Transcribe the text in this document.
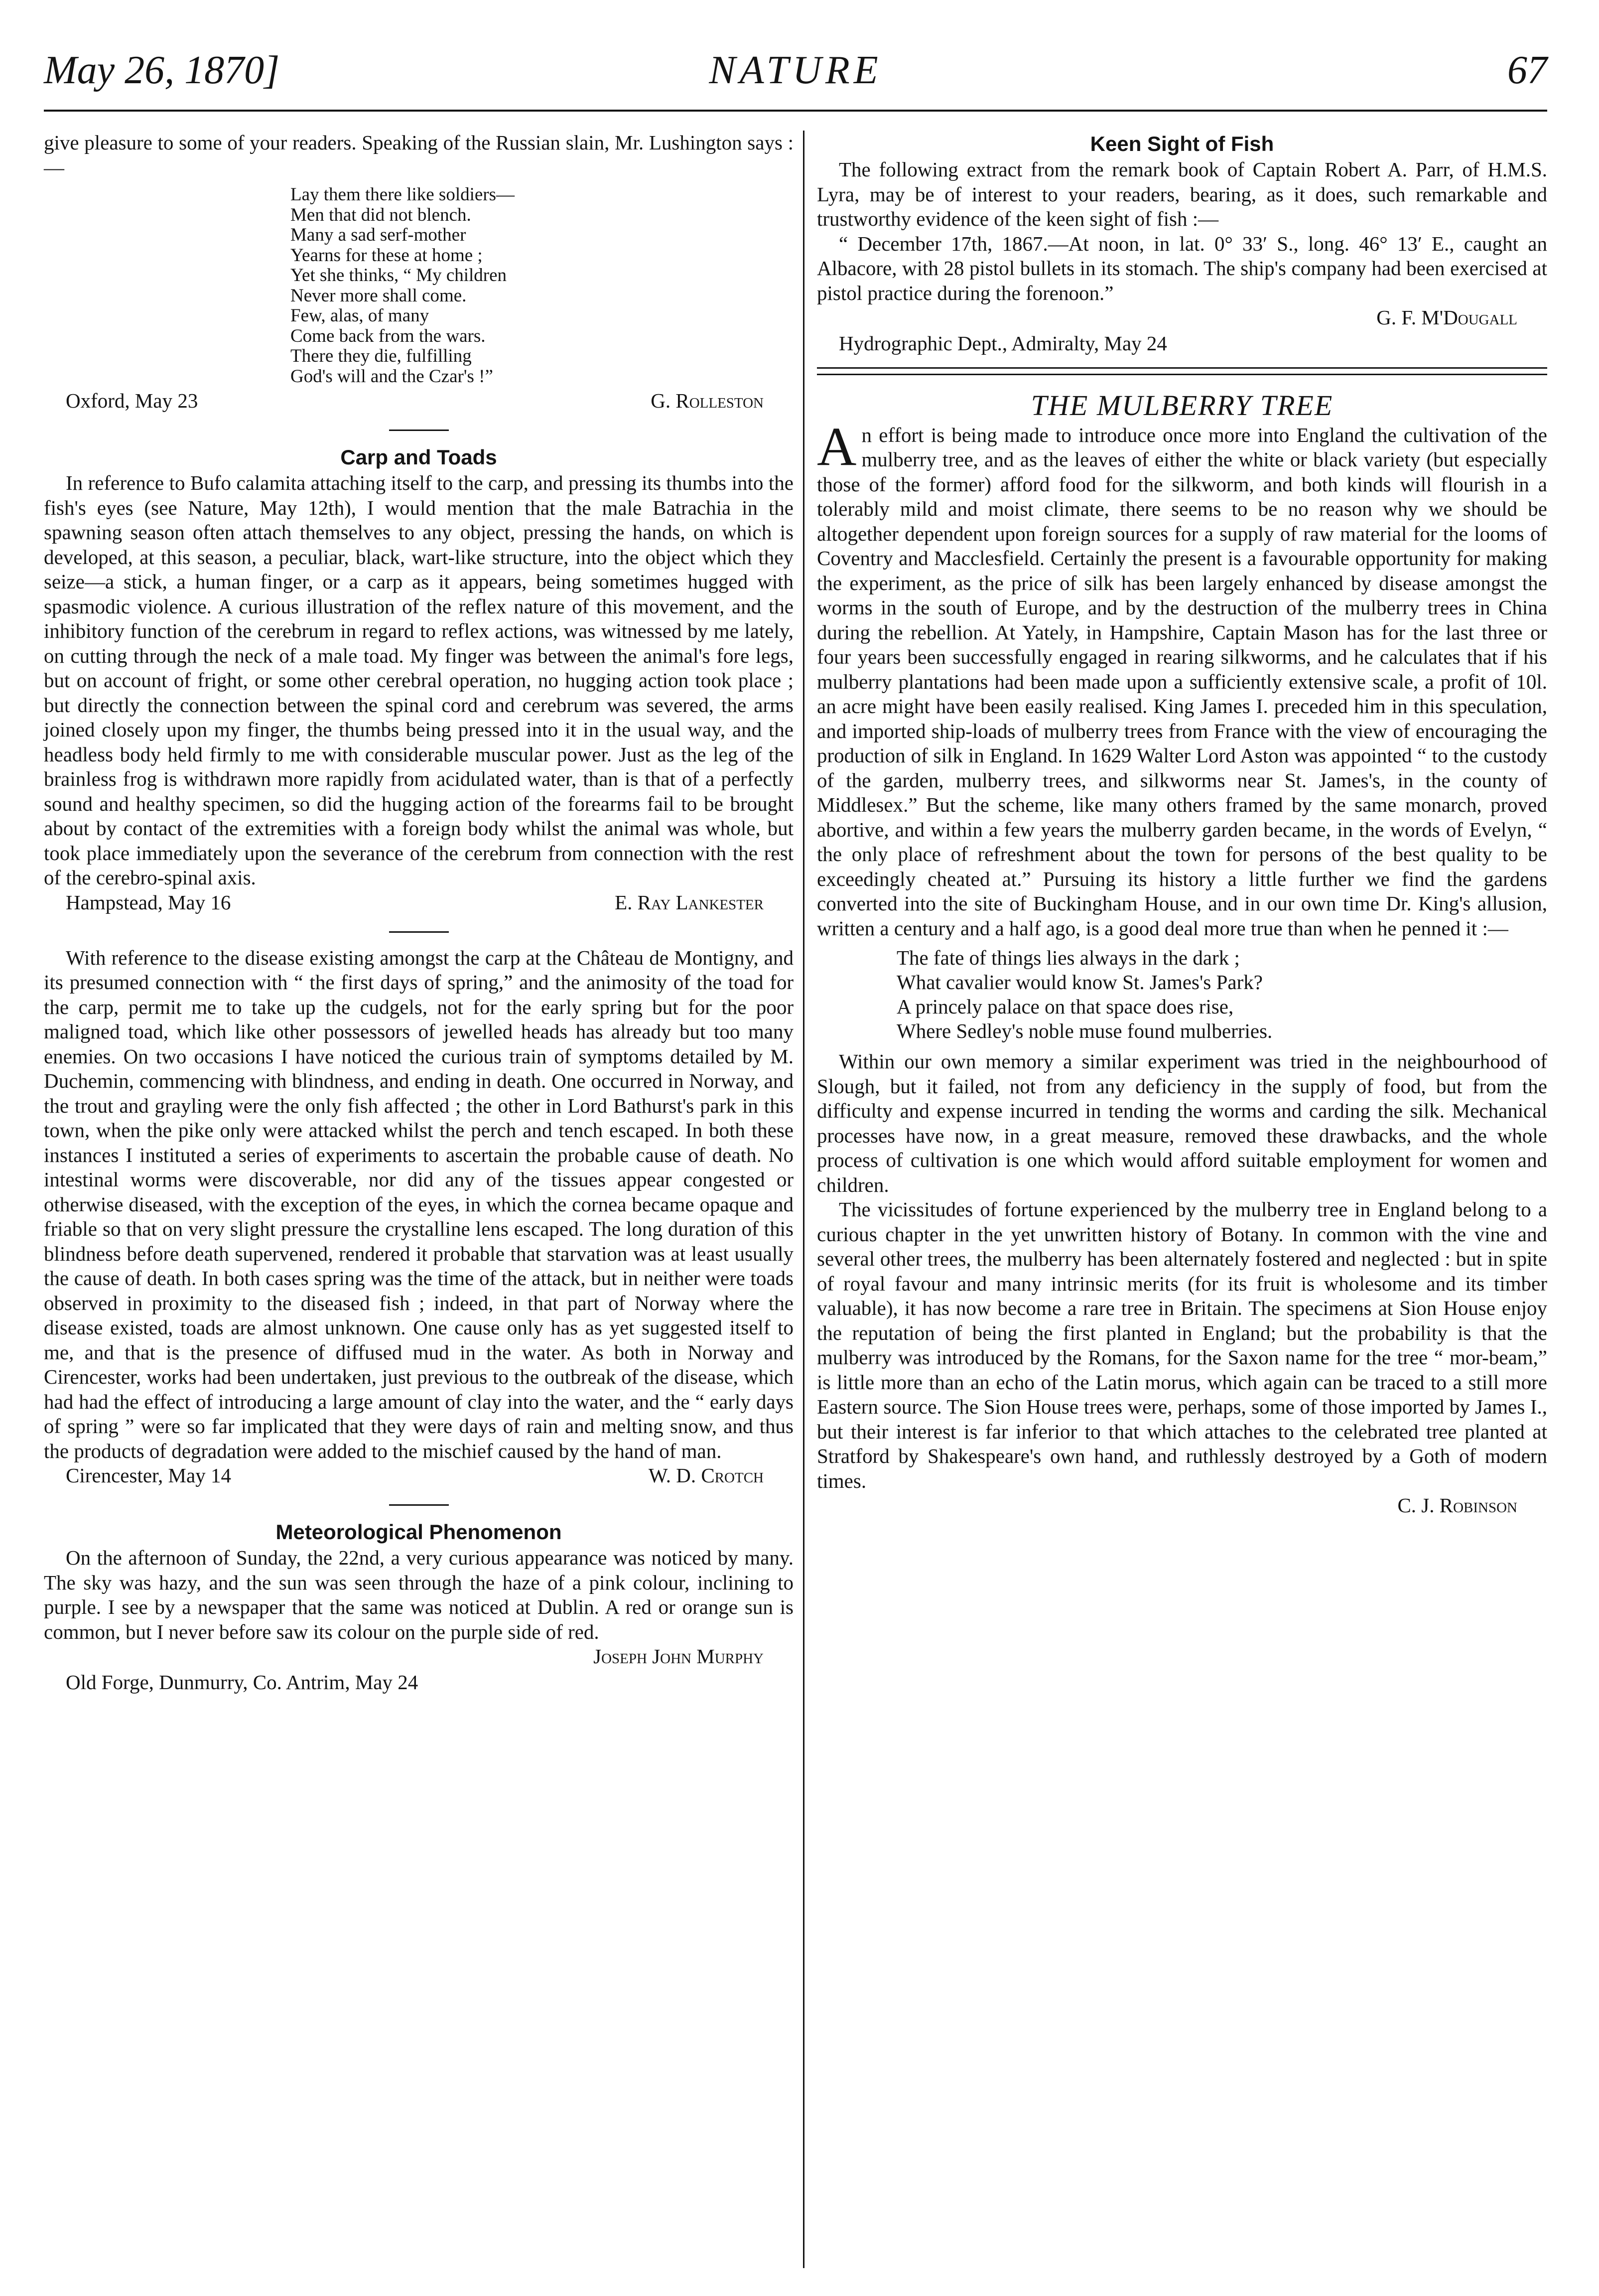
May 26, 1870]	NATURE	67

give pleasure to some of your readers. Speaking of the Russian slain, Mr. Lushington says :—

Lay them there like soldiers—
Men that did not blench.
Many a sad serf-mother
Yearns for these at home ;
Yet she thinks, “ My children
Never more shall come.
Few, alas, of many
Come back from the wars.
There they die, fulfilling
God's will and the Czar's !”
Oxford, May 23	G. Rolleston

Carp and Toads

In reference to Bufo calamita attaching itself to the carp, and pressing its thumbs into the fish's eyes (see Nature, May 12th), I would mention that the male Batrachia in the spawning season often attach themselves to any object, pressing the hands, on which is developed, at this season, a peculiar, black, wart-like structure, into the object which they seize—a stick, a human finger, or a carp as it appears, being sometimes hugged with spasmodic violence. A curious illustration of the reflex nature of this movement, and the inhibitory function of the cerebrum in regard to reflex actions, was witnessed by me lately, on cutting through the neck of a male toad. My finger was between the animal's fore legs, but on account of fright, or some other cerebral operation, no hugging action took place ; but directly the connection between the spinal cord and cerebrum was severed, the arms joined closely upon my finger, the thumbs being pressed into it in the usual way, and the headless body held firmly to me with considerable muscular power. Just as the leg of the brainless frog is withdrawn more rapidly from acidulated water, than is that of a perfectly sound and healthy specimen, so did the hugging action of the forearms fail to be brought about by contact of the extremities with a foreign body whilst the animal was whole, but took place immediately upon the severance of the cerebrum from connection with the rest of the cerebro-spinal axis.

Hampstead, May 16	E. Ray Lankester

With reference to the disease existing amongst the carp at the Château de Montigny, and its presumed connection with “ the first days of spring,” and the animosity of the toad for the carp, permit me to take up the cudgels, not for the early spring but for the poor maligned toad, which like other possessors of jewelled heads has already but too many enemies. On two occasions I have noticed the curious train of symptoms detailed by M. Duchemin, commencing with blindness, and ending in death. One occurred in Norway, and the trout and grayling were the only fish affected ; the other in Lord Bathurst's park in this town, when the pike only were attacked whilst the perch and tench escaped. In both these instances I instituted a series of experiments to ascertain the probable cause of death. No intestinal worms were discoverable, nor did any of the tissues appear congested or otherwise diseased, with the exception of the eyes, in which the cornea became opaque and friable so that on very slight pressure the crystalline lens escaped. The long duration of this blindness before death supervened, rendered it probable that starvation was at least usually the cause of death. In both cases spring was the time of the attack, but in neither were toads observed in proximity to the diseased fish ; indeed, in that part of Norway where the disease existed, toads are almost unknown. One cause only has as yet suggested itself to me, and that is the presence of diffused mud in the water. As both in Norway and Cirencester, works had been undertaken, just previous to the outbreak of the disease, which had had the effect of introducing a large amount of clay into the water, and the “ early days of spring ” were so far implicated that they were days of rain and melting snow, and thus the products of degradation were added to the mischief caused by the hand of man.

Cirencester, May 14	W. D. Crotch

Meteorological Phenomenon

On the afternoon of Sunday, the 22nd, a very curious appearance was noticed by many. The sky was hazy, and the sun was seen through the haze of a pink colour, inclining to purple. I see by a newspaper that the same was noticed at Dublin. A red or orange sun is common, but I never before saw its colour on the purple side of red.

Joseph John Murphy

Old Forge, Dunmurry, Co. Antrim, May 24

Keen Sight of Fish

The following extract from the remark book of Captain Robert A. Parr, of H.M.S. Lyra, may be of interest to your readers, bearing, as it does, such remarkable and trustworthy evidence of the keen sight of fish :—

“ December 17th, 1867.—At noon, in lat. 0° 33′ S., long. 46° 13′ E., caught an Albacore, with 28 pistol bullets in its stomach. The ship's company had been exercised at pistol practice during the forenoon.”

G. F. M'Dougall

Hydrographic Dept., Admiralty, May 24

THE MULBERRY TREE

An effort is being made to introduce once more into England the cultivation of the mulberry tree, and as the leaves of either the white or black variety (but especially those of the former) afford food for the silkworm, and both kinds will flourish in a tolerably mild and moist climate, there seems to be no reason why we should be altogether dependent upon foreign sources for a supply of raw material for the looms of Coventry and Macclesfield. Certainly the present is a favourable opportunity for making the experiment, as the price of silk has been largely enhanced by disease amongst the worms in the south of Europe, and by the destruction of the mulberry trees in China during the rebellion. At Yately, in Hampshire, Captain Mason has for the last three or four years been successfully engaged in rearing silkworms, and he calculates that if his mulberry plantations had been made upon a sufficiently extensive scale, a profit of 10l. an acre might have been easily realised. King James I. preceded him in this speculation, and imported ship-loads of mulberry trees from France with the view of encouraging the production of silk in England. In 1629 Walter Lord Aston was appointed “ to the custody of the garden, mulberry trees, and silkworms near St. James's, in the county of Middlesex.” But the scheme, like many others framed by the same monarch, proved abortive, and within a few years the mulberry garden became, in the words of Evelyn, “ the only place of refreshment about the town for persons of the best quality to be exceedingly cheated at.” Pursuing its history a little further we find the gardens converted into the site of Buckingham House, and in our own time Dr. King's allusion, written a century and a half ago, is a good deal more true than when he penned it :—

The fate of things lies always in the dark ;
What cavalier would know St. James's Park?
A princely palace on that space does rise,
Where Sedley's noble muse found mulberries.

Within our own memory a similar experiment was tried in the neighbourhood of Slough, but it failed, not from any deficiency in the supply of food, but from the difficulty and expense incurred in tending the worms and carding the silk. Mechanical processes have now, in a great measure, removed these drawbacks, and the whole process of cultivation is one which would afford suitable employment for women and children.

The vicissitudes of fortune experienced by the mulberry tree in England belong to a curious chapter in the yet unwritten history of Botany. In common with the vine and several other trees, the mulberry has been alternately fostered and neglected : but in spite of royal favour and many intrinsic merits (for its fruit is wholesome and its timber valuable), it has now become a rare tree in Britain. The specimens at Sion House enjoy the reputation of being the first planted in England; but the probability is that the mulberry was introduced by the Romans, for the Saxon name for the tree “ mor-beam,” is little more than an echo of the Latin morus, which again can be traced to a still more Eastern source. The Sion House trees were, perhaps, some of those imported by James I., but their interest is far inferior to that which attaches to the celebrated tree planted at Stratford by Shakespeare's own hand, and ruthlessly destroyed by a Goth of modern times.

C. J. Robinson
